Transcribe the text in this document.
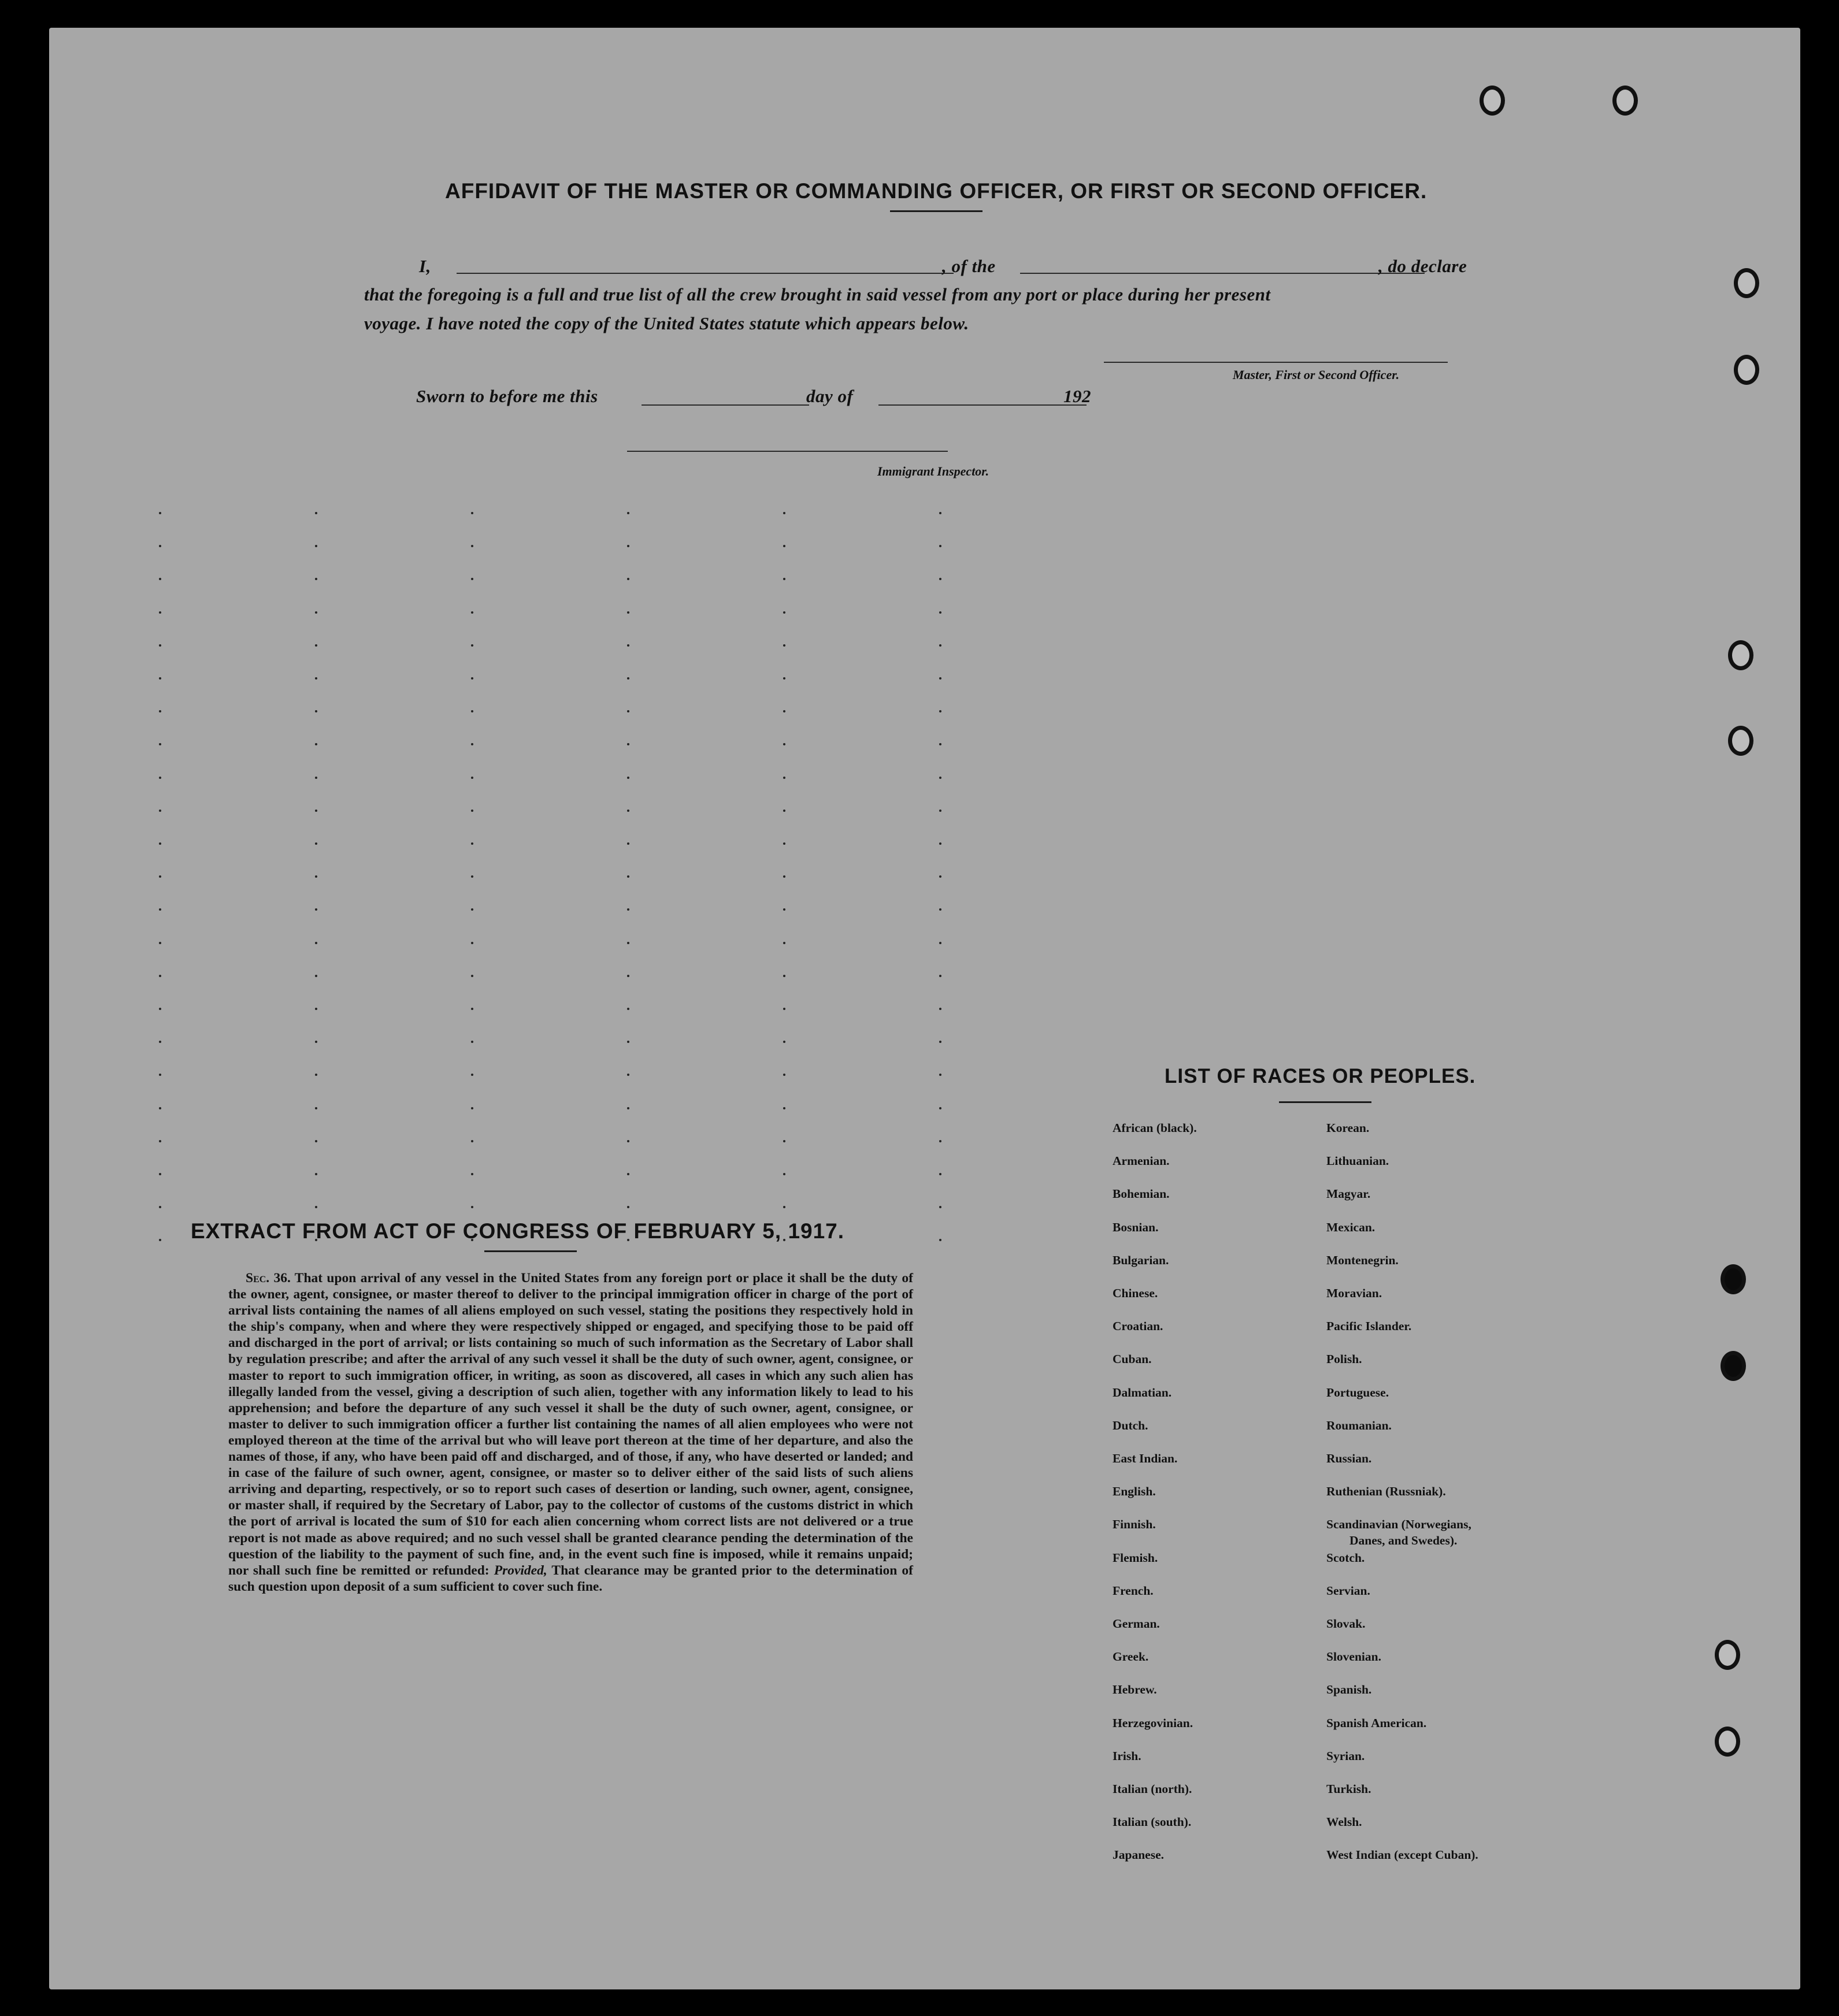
AFFIDAVIT OF THE MASTER OR COMMANDING OFFICER, OR FIRST OR SECOND OFFICER.
I,	, of the	, do declare
that the foregoing is a full and true list of all the crew brought in said vessel from any port or place during her present
voyage. I have noted the copy of the United States statute which appears below.
Master, First or Second Officer.
Sworn to before me this	day of	192
Immigrant Inspector.
EXTRACT FROM ACT OF CONGRESS OF FEBRUARY 5, 1917.
Sec. 36. That upon arrival of any vessel in the United States from any foreign port or place it shall be the duty of the owner, agent, consignee, or master thereof to deliver to the principal immigration officer in charge of the port of arrival lists containing the names of all aliens employed on such vessel, stating the positions they respectively hold in the ship's company, when and where they were respectively shipped or engaged, and specifying those to be paid off and discharged in the port of arrival; or lists containing so much of such information as the Secretary of Labor shall by regulation prescribe; and after the arrival of any such vessel it shall be the duty of such owner, agent, consignee, or master to report to such immigration officer, in writing, as soon as discovered, all cases in which any such alien has illegally landed from the vessel, giving a description of such alien, together with any information likely to lead to his apprehension; and before the departure of any such vessel it shall be the duty of such owner, agent, consignee, or master to deliver to such immigration officer a further list containing the names of all alien employees who were not employed thereon at the time of the arrival but who will leave port thereon at the time of her departure, and also the names of those, if any, who have been paid off and discharged, and of those, if any, who have deserted or landed; and in case of the failure of such owner, agent, consignee, or master so to deliver either of the said lists of such aliens arriving and departing, respectively, or so to report such cases of desertion or landing, such owner, agent, consignee, or master shall, if required by the Secretary of Labor, pay to the collector of customs of the customs district in which the port of arrival is located the sum of $10 for each alien concerning whom correct lists are not delivered or a true report is not made as above required; and no such vessel shall be granted clearance pending the determination of the question of the liability to the payment of such fine, and, in the event such fine is imposed, while it remains unpaid; nor shall such fine be remitted or refunded: Provided, That clearance may be granted prior to the determination of such question upon deposit of a sum sufficient to cover such fine.
LIST OF RACES OR PEOPLES.
African (black).
Armenian.
Bohemian.
Bosnian.
Bulgarian.
Chinese.
Croatian.
Cuban.
Dalmatian.
Dutch.
East Indian.
English.
Finnish.
Flemish.
French.
German.
Greek.
Hebrew.
Herzegovinian.
Irish.
Italian (north).
Italian (south).
Japanese.
Korean.
Lithuanian.
Magyar.
Mexican.
Montenegrin.
Moravian.
Pacific Islander.
Polish.
Portuguese.
Roumanian.
Russian.
Ruthenian (Russniak).
Scandinavian (Norwegians,
Danes, and Swedes).
Scotch.
Servian.
Slovak.
Slovenian.
Spanish.
Spanish American.
Syrian.
Turkish.
Welsh.
West Indian (except Cuban).
